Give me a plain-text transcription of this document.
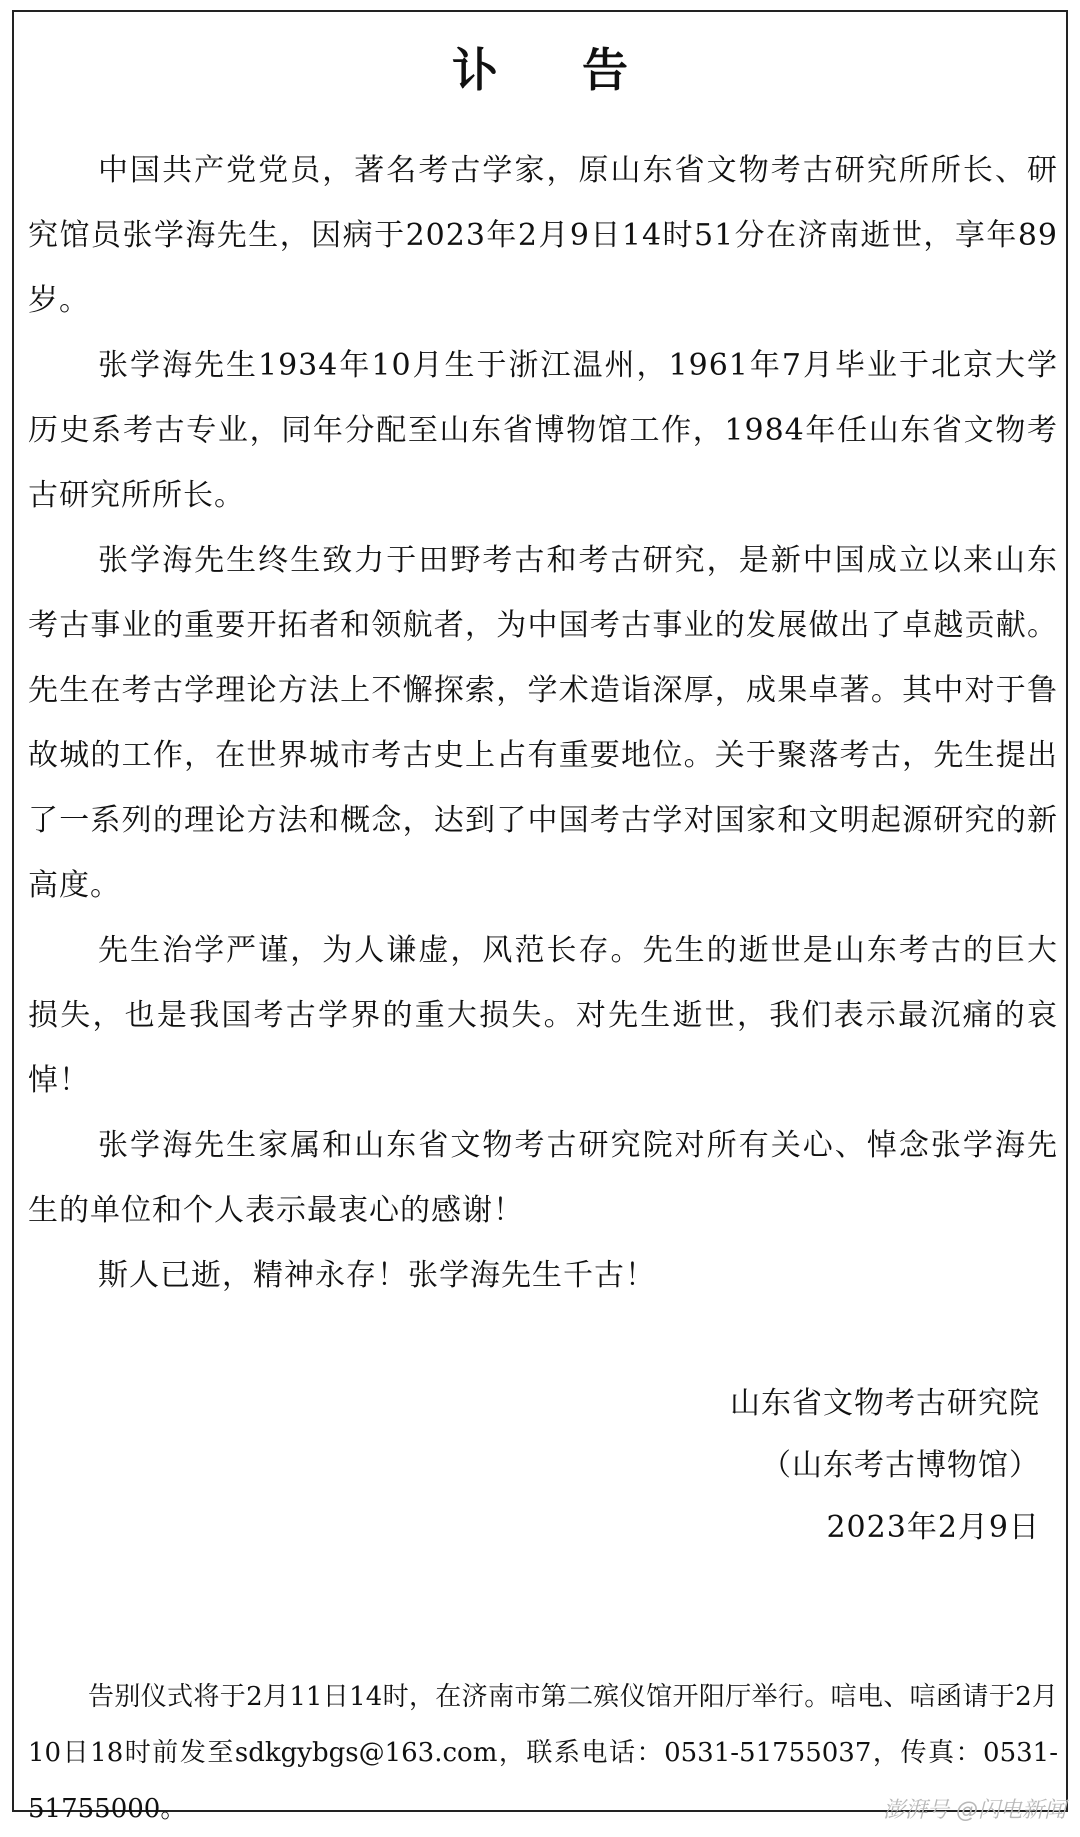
讣 告

中国共产党党员，著名考古学家，原山东省文物考古研究所所长、研究馆员张学海先生，因病于2023年2月9日14时51分在济南逝世，享年89岁。

张学海先生1934年10月生于浙江温州，1961年7月毕业于北京大学历史系考古专业，同年分配至山东省博物馆工作，1984年任山东省文物考古研究所所长。

张学海先生终生致力于田野考古和考古研究，是新中国成立以来山东考古事业的重要开拓者和领航者，为中国考古事业的发展做出了卓越贡献。先生在考古学理论方法上不懈探索，学术造诣深厚，成果卓著。其中对于鲁故城的工作，在世界城市考古史上占有重要地位。关于聚落考古，先生提出了一系列的理论方法和概念，达到了中国考古学对国家和文明起源研究的新高度。

先生治学严谨，为人谦虚，风范长存。先生的逝世是山东考古的巨大损失，也是我国考古学界的重大损失。对先生逝世，我们表示最沉痛的哀悼！

张学海先生家属和山东省文物考古研究院对所有关心、悼念张学海先生的单位和个人表示最衷心的感谢！

斯人已逝，精神永存！张学海先生千古！

山东省文物考古研究院
（山东考古博物馆）
2023年2月9日

告别仪式将于2月11日14时，在济南市第二殡仪馆开阳厅举行。唁电、唁函请于2月10日18时前发至sdkgybgs@163.com，联系电话：0531-51755037，传真：0531-51755000。	澎湃号 @闪电新闻
